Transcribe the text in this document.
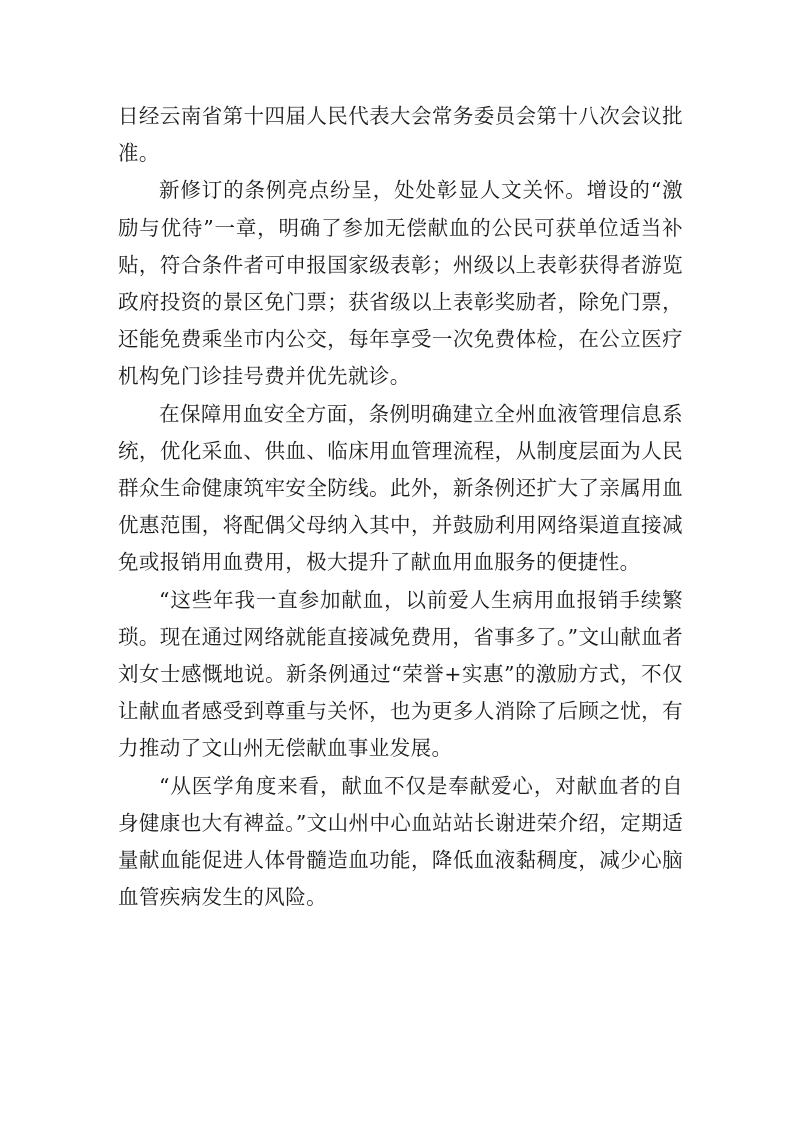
日经云南省第十四届人民代表大会常务委员会第十八次会议批准。

新修订的条例亮点纷呈，处处彰显人文关怀。增设的“激励与优待”一章，明确了参加无偿献血的公民可获单位适当补贴，符合条件者可申报国家级表彰；州级以上表彰获得者游览政府投资的景区免门票；获省级以上表彰奖励者，除免门票，还能免费乘坐市内公交，每年享受一次免费体检，在公立医疗机构免门诊挂号费并优先就诊。

在保障用血安全方面，条例明确建立全州血液管理信息系统，优化采血、供血、临床用血管理流程，从制度层面为人民群众生命健康筑牢安全防线。此外，新条例还扩大了亲属用血优惠范围，将配偶父母纳入其中，并鼓励利用网络渠道直接减免或报销用血费用，极大提升了献血用血服务的便捷性。

“这些年我一直参加献血，以前爱人生病用血报销手续繁琐。现在通过网络就能直接减免费用，省事多了。”文山献血者刘女士感慨地说。新条例通过“荣誉+实惠”的激励方式，不仅让献血者感受到尊重与关怀，也为更多人消除了后顾之忧，有力推动了文山州无偿献血事业发展。

“从医学角度来看，献血不仅是奉献爱心，对献血者的自身健康也大有裨益。”文山州中心血站站长谢进荣介绍，定期适量献血能促进人体骨髓造血功能，降低血液黏稠度，减少心脑血管疾病发生的风险。
